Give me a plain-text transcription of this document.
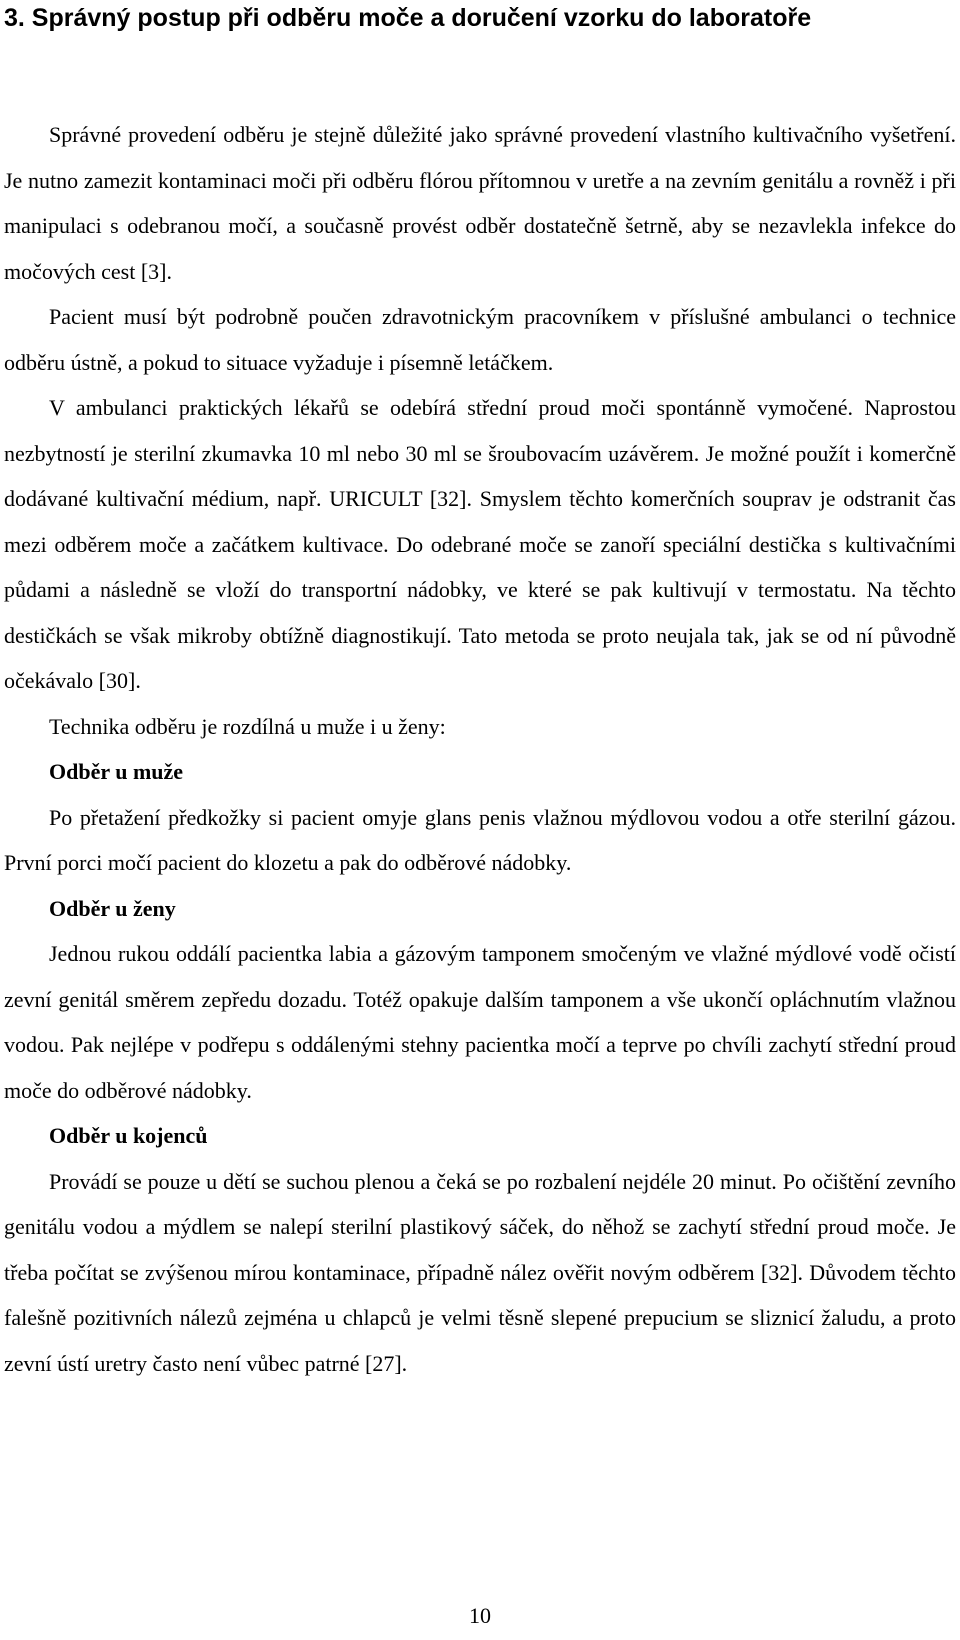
3. Správný postup při odběru moče a doručení vzorku do laboratoře

Správné provedení odběru je stejně důležité jako správné provedení vlastního kultivačního vyšetření. Je nutno zamezit kontaminaci moči při odběru flórou přítomnou v uretře a na zevním genitálu a rovněž i při manipulaci s odebranou močí, a současně provést odběr dostatečně šetrně, aby se nezavlekla infekce do močových cest [3].

Pacient musí být podrobně poučen zdravotnickým pracovníkem v příslušné ambulanci o technice odběru ústně, a pokud to situace vyžaduje i písemně letáčkem.

V ambulanci praktických lékařů se odebírá střední proud moči spontánně vymočené. Naprostou nezbytností je sterilní zkumavka 10 ml nebo 30 ml se šroubovacím uzávěrem. Je možné použít i komerčně dodávané kultivační médium, např. URICULT [32]. Smyslem těchto komerčních souprav je odstranit čas mezi odběrem moče a začátkem kultivace. Do odebrané moče se zanoří speciální destička s kultivačními půdami a následně se vloží do transportní nádobky, ve které se pak kultivují v termostatu. Na těchto destičkách se však mikroby obtížně diagnostikují. Tato metoda se proto neujala tak, jak se od ní původně očekávalo [30].

Technika odběru je rozdílná u muže i u ženy:

Odběr u muže

Po přetažení předkožky si pacient omyje glans penis vlažnou mýdlovou vodou a otře sterilní gázou. První porci močí pacient do klozetu a pak do odběrové nádobky.

Odběr u ženy

Jednou rukou oddálí pacientka labia a gázovým tamponem smočeným ve vlažné mýdlové vodě očistí zevní genitál směrem zepředu dozadu. Totéž opakuje dalším tamponem a vše ukončí opláchnutím vlažnou vodou. Pak nejlépe v podřepu s oddálenými stehny pacientka močí a teprve po chvíli zachytí střední proud moče do odběrové nádobky.

Odběr u kojenců

Provádí se pouze u dětí se suchou plenou a čeká se po rozbalení nejdéle 20 minut. Po očištění zevního genitálu vodou a mýdlem se nalepí sterilní plastikový sáček, do něhož se zachytí střední proud moče. Je třeba počítat se zvýšenou mírou kontaminace, případně nález ověřit novým odběrem [32]. Důvodem těchto falešně pozitivních nálezů zejména u chlapců je velmi těsně slepené prepucium se sliznicí žaludu, a proto zevní ústí uretry často není vůbec patrné [27].

10
